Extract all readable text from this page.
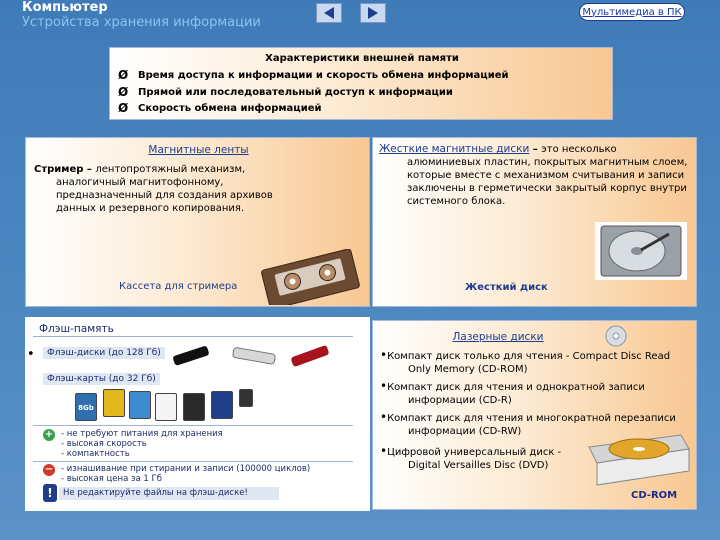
Компьютер
Устройства хранения информации
Мультимедиа в ПК
Характеристики внешней памяти
Ø Время доступа к информации и скорость обмена информацией
Ø Прямой или последовательный доступ к информации
Ø Скорость обмена информацией
Магнитные ленты
Стример – лентопротяжный механизм,
аналогичный магнитофонному,
предназначенный для создания архивов
данных и резервного копирования.
Кассета для стримера
Жесткие магнитные диски – это несколько
алюминиевых пластин, покрытых магнитным слоем,
которые вместе с механизмом считывания и записи
заключены в герметически закрытый корпус внутри
системного блока.
Жесткий диск
Флэш-память
•	Флэш-диски (до 128 Гб)
Флэш-карты (до 32 Гб)
8Gb
+ - не требуют питания для хранения
- высокая скорость
- компактность
− - изнашивание при стирании и записи (100000 циклов)
- высокая цена за 1 Гб
!	Не редактируйте файлы на флэш-диске!
Лазерные диски
•Компакт диск только для чтения - Compact Disc Read
Only Memory (CD-ROM)
•Компакт диск для чтения и однократной записи
информации (CD-R)
•Компакт диск для чтения и многократной перезаписи
информации (CD-RW)
•Цифровой универсальный диск -
Digital Versailles Disc (DVD)
CD-ROM
